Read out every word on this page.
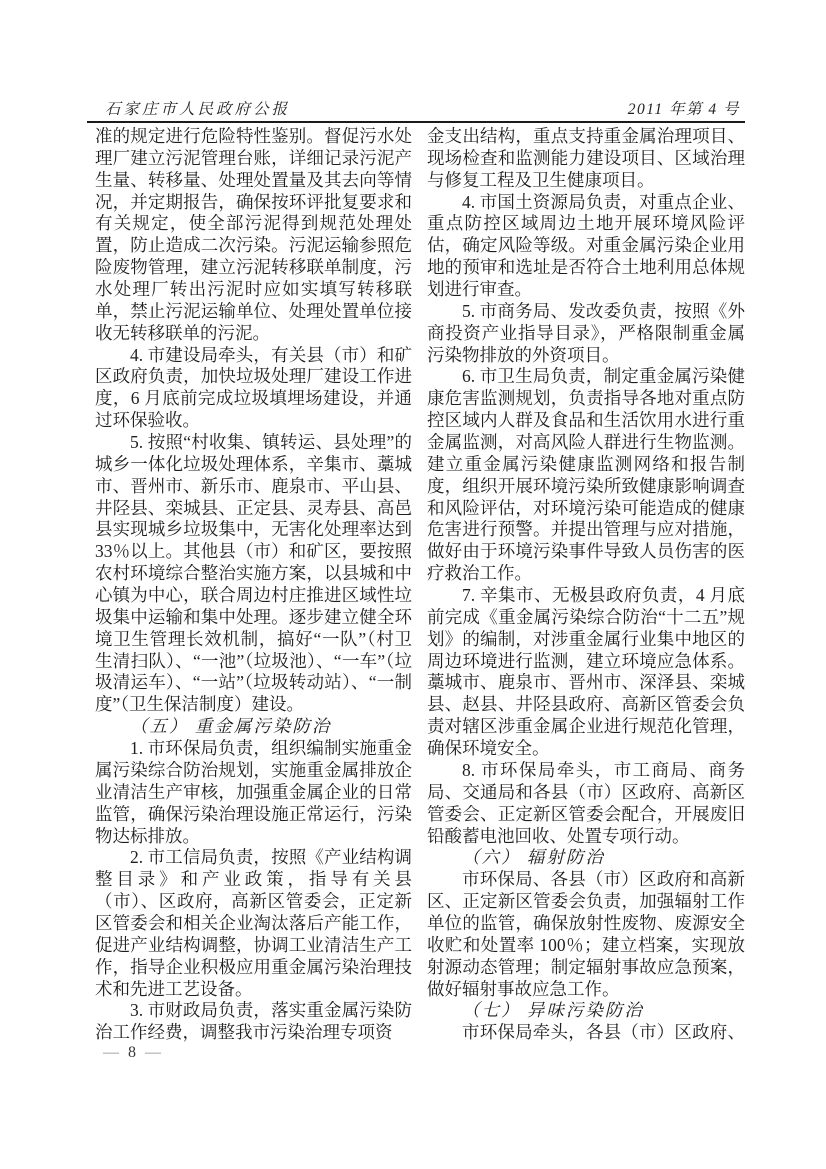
石家庄市人民政府公报	2011 年第 4 号

准的规定进行危险特性鉴别。督促污水处理厂建立污泥管理台账，详细记录污泥产生量、转移量、处理处置量及其去向等情况，并定期报告，确保按环评批复要求和有关规定，使全部污泥得到规范处理处置，防止造成二次污染。污泥运输参照危险废物管理，建立污泥转移联单制度，污水处理厂转出污泥时应如实填写转移联单，禁止污泥运输单位、处理处置单位接收无转移联单的污泥。

4. 市建设局牵头，有关县（市）和矿区政府负责，加快垃圾处理厂建设工作进度，6 月底前完成垃圾填埋场建设，并通过环保验收。

5. 按照“村收集、镇转运、县处理”的城乡一体化垃圾处理体系，辛集市、藁城市、晋州市、新乐市、鹿泉市、平山县、井陉县、栾城县、正定县、灵寿县、高邑县实现城乡垃圾集中，无害化处理率达到 33％以上。其他县（市）和矿区，要按照农村环境综合整治实施方案，以县城和中心镇为中心，联合周边村庄推进区域性垃圾集中运输和集中处理。逐步建立健全环境卫生管理长效机制，搞好“一队”（村卫生清扫队）、“一池”（垃圾池）、“一车”（垃圾清运车）、“一站”（垃圾转动站）、“一制度”（卫生保洁制度）建设。

（五） 重金属污染防治

1. 市环保局负责，组织编制实施重金属污染综合防治规划，实施重金属排放企业清洁生产审核，加强重金属企业的日常监管，确保污染治理设施正常运行，污染物达标排放。

2. 市工信局负责，按照《产业结构调整目录》和产业政策，指导有关县（市）、区政府，高新区管委会，正定新区管委会和相关企业淘汰落后产能工作，促进产业结构调整，协调工业清洁生产工作，指导企业积极应用重金属污染治理技术和先进工艺设备。

3. 市财政局负责，落实重金属污染防治工作经费，调整我市污染治理专项资

金支出结构，重点支持重金属治理项目、现场检查和监测能力建设项目、区域治理与修复工程及卫生健康项目。

4. 市国土资源局负责，对重点企业、重点防控区域周边土地开展环境风险评估，确定风险等级。对重金属污染企业用地的预审和选址是否符合土地利用总体规划进行审查。

5. 市商务局、发改委负责，按照《外商投资产业指导目录》，严格限制重金属污染物排放的外资项目。

6. 市卫生局负责，制定重金属污染健康危害监测规划，负责指导各地对重点防控区域内人群及食品和生活饮用水进行重金属监测，对高风险人群进行生物监测。建立重金属污染健康监测网络和报告制度，组织开展环境污染所致健康影响调查和风险评估，对环境污染可能造成的健康危害进行预警。并提出管理与应对措施，做好由于环境污染事件导致人员伤害的医疗救治工作。

7. 辛集市、无极县政府负责，4 月底前完成《重金属污染综合防治“十二五”规划》的编制，对涉重金属行业集中地区的周边环境进行监测，建立环境应急体系。藁城市、鹿泉市、晋州市、深泽县、栾城县、赵县、井陉县政府、高新区管委会负责对辖区涉重金属企业进行规范化管理，确保环境安全。

8. 市环保局牵头，市工商局、商务局、交通局和各县（市）区政府、高新区管委会、正定新区管委会配合，开展废旧铅酸蓄电池回收、处置专项行动。

（六） 辐射防治

市环保局、各县（市）区政府和高新区、正定新区管委会负责，加强辐射工作单位的监管，确保放射性废物、废源安全收贮和处置率 100％；建立档案，实现放射源动态管理；制定辐射事故应急预案，做好辐射事故应急工作。

（七） 异味污染防治

市环保局牵头，各县（市）区政府、

— 8 —
